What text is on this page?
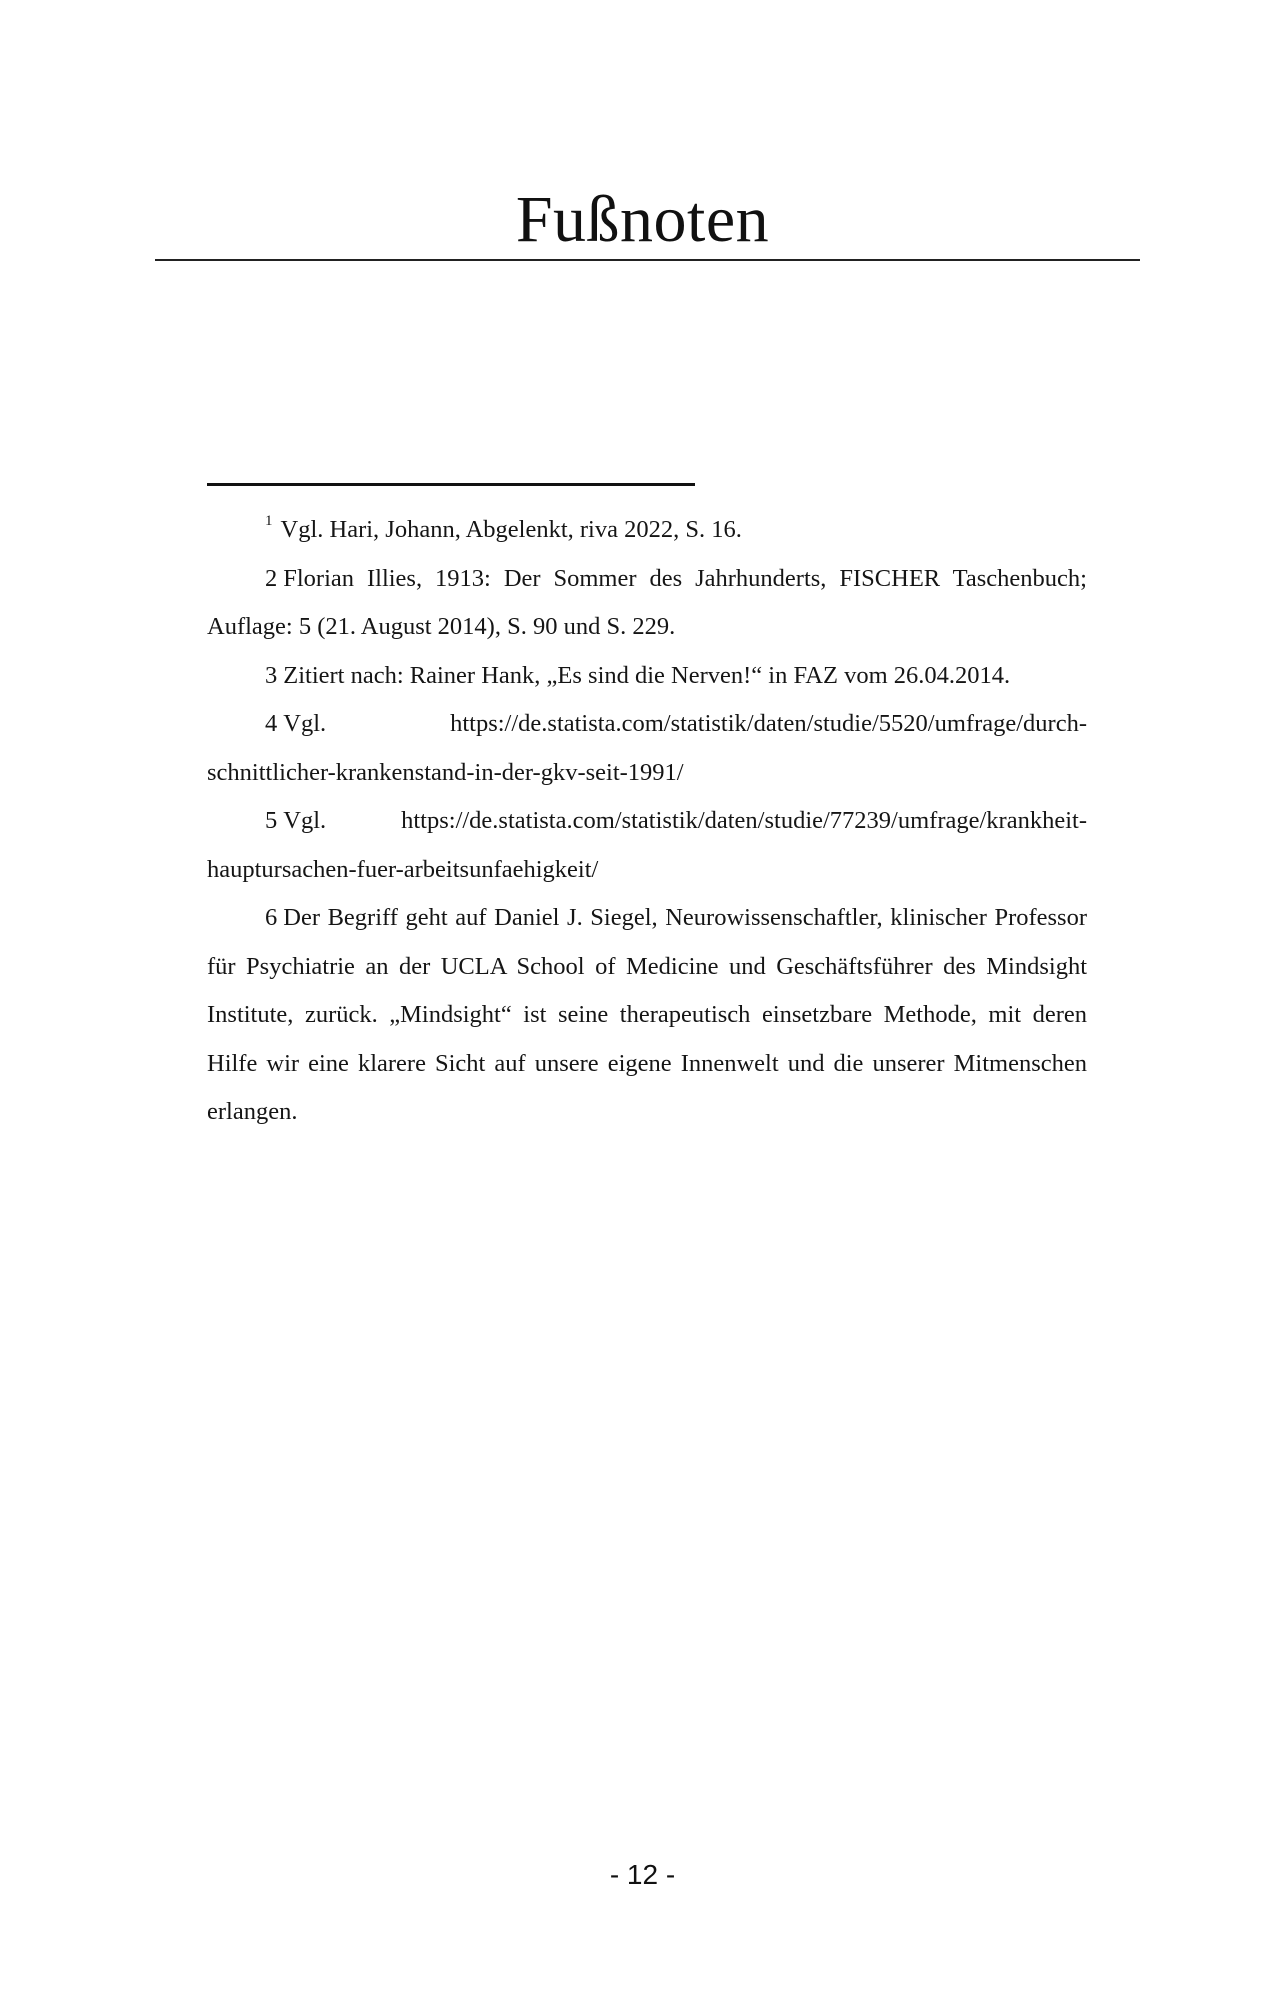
Fußnoten

$^1$ Vgl. Hari, Johann, Abgelenkt, riva 2022, S. 16.

2 Florian Illies, 1913: Der Sommer des Jahrhunderts, FISCHER Taschenbuch; Auflage: 5 (21. August 2014), S. 90 und S. 229.

3 Zitiert nach: Rainer Hank, „Es sind die Nerven!“ in FAZ vom 26.04.2014.

4 Vgl. https://de.statista.com/statistik/daten/studie/5520/umfrage/durchschnittlicher-krankenstand-in-der-gkv-seit-1991/

5 Vgl. https://de.statista.com/statistik/daten/studie/77239/umfrage/krankheithauptursachen-fuer-arbeitsunfaehigkeit/

6 Der Begriff geht auf Daniel J. Siegel, Neurowissenschaftler, klinischer Professor für Psychiatrie an der UCLA School of Medicine und Geschäftsführer des Mindsight Institute, zurück. „Mindsight“ ist seine therapeutisch einsetzbare Methode, mit deren Hilfe wir eine klarere Sicht auf unsere eigene Innenwelt und die unserer Mitmenschen erlangen.

- 12 -
